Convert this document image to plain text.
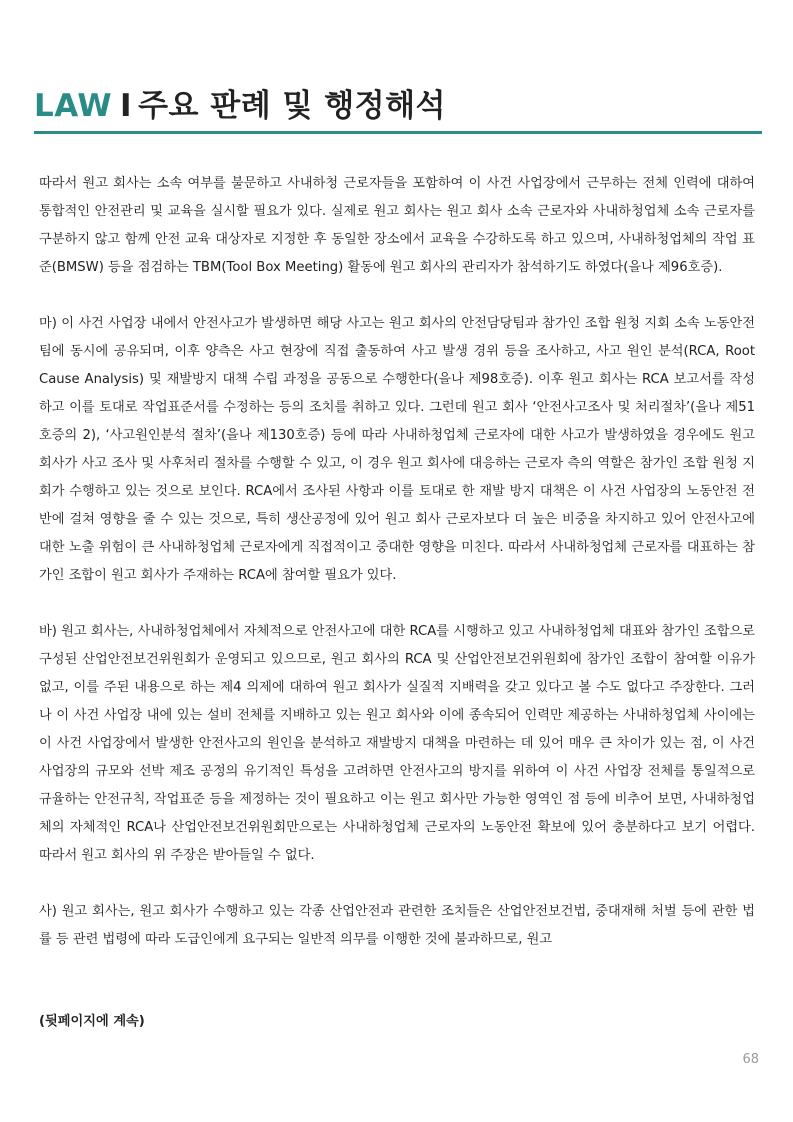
LAW I 주요 판례 및 행정해석

따라서 원고 회사는 소속 여부를 불문하고 사내하청 근로자들을 포함하여 이 사건 사업장에서 근무하는 전체 인력에 대하여 통합적인 안전관리 및 교육을 실시할 필요가 있다. 실제로 원고 회사는 원고 회사 소속 근로자와 사내하청업체 소속 근로자를 구분하지 않고 함께 안전 교육 대상자로 지정한 후 동일한 장소에서 교육을 수강하도록 하고 있으며, 사내하청업체의 작업 표준(BMSW) 등을 점검하는 TBM(Tool Box Meeting) 활동에 원고 회사의 관리자가 참석하기도 하였다(을나 제96호증).

마) 이 사건 사업장 내에서 안전사고가 발생하면 해당 사고는 원고 회사의 안전담당팀과 참가인 조합 원청 지회 소속 노동안전팀에 동시에 공유되며, 이후 양측은 사고 현장에 직접 출동하여 사고 발생 경위 등을 조사하고, 사고 원인 분석(RCA, Root Cause Analysis) 및 재발방지 대책 수립 과정을 공동으로 수행한다(을나 제98호증). 이후 원고 회사는 RCA 보고서를 작성하고 이를 토대로 작업표준서를 수정하는 등의 조치를 취하고 있다. 그런데 원고 회사 ‘안전사고조사 및 처리절차’(을나 제51호증의 2), ‘사고원인분석 절차’(을나 제130호증) 등에 따라 사내하청업체 근로자에 대한 사고가 발생하였을 경우에도 원고 회사가 사고 조사 및 사후처리 절차를 수행할 수 있고, 이 경우 원고 회사에 대응하는 근로자 측의 역할은 참가인 조합 원청 지회가 수행하고 있는 것으로 보인다. RCA에서 조사된 사항과 이를 토대로 한 재발 방지 대책은 이 사건 사업장의 노동안전 전반에 걸쳐 영향을 줄 수 있는 것으로, 특히 생산공정에 있어 원고 회사 근로자보다 더 높은 비중을 차지하고 있어 안전사고에 대한 노출 위험이 큰 사내하청업체 근로자에게 직접적이고 중대한 영향을 미친다. 따라서 사내하청업체 근로자를 대표하는 참가인 조합이 원고 회사가 주재하는 RCA에 참여할 필요가 있다.

바) 원고 회사는, 사내하청업체에서 자체적으로 안전사고에 대한 RCA를 시행하고 있고 사내하청업체 대표와 참가인 조합으로 구성된 산업안전보건위원회가 운영되고 있으므로, 원고 회사의 RCA 및 산업안전보건위원회에 참가인 조합이 참여할 이유가 없고, 이를 주된 내용으로 하는 제4 의제에 대하여 원고 회사가 실질적 지배력을 갖고 있다고 볼 수도 없다고 주장한다. 그러나 이 사건 사업장 내에 있는 설비 전체를 지배하고 있는 원고 회사와 이에 종속되어 인력만 제공하는 사내하청업체 사이에는 이 사건 사업장에서 발생한 안전사고의 원인을 분석하고 재발방지 대책을 마련하는 데 있어 매우 큰 차이가 있는 점, 이 사건 사업장의 규모와 선박 제조 공정의 유기적인 특성을 고려하면 안전사고의 방지를 위하여 이 사건 사업장 전체를 통일적으로 규율하는 안전규칙, 작업표준 등을 제정하는 것이 필요하고 이는 원고 회사만 가능한 영역인 점 등에 비추어 보면, 사내하청업체의 자체적인 RCA나 산업안전보건위원회만으로는 사내하청업체 근로자의 노동안전 확보에 있어 충분하다고 보기 어렵다. 따라서 원고 회사의 위 주장은 받아들일 수 없다.

사) 원고 회사는, 원고 회사가 수행하고 있는 각종 산업안전과 관련한 조치들은 산업안전보건법, 중대재해 처벌 등에 관한 법률 등 관련 법령에 따라 도급인에게 요구되는 일반적 의무를 이행한 것에 불과하므로, 원고

(뒷페이지에 계속)
68
